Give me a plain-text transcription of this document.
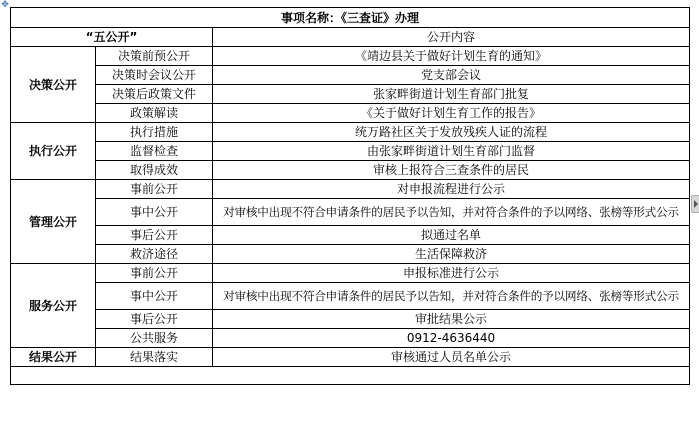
✥
事项名称：《三查证》办理		
“五公开”		公开内容
决策公开	决策前预公开	《靖边县关于做好计划生育的通知》
	决策时会议公开	党支部会议
	决策后政策文件	张家畔街道计划生育部门批复
	政策解读	《关于做好计划生育工作的报告》
执行公开	执行措施	统万路社区关于发放残疾人证的流程
	监督检查	由张家畔街道计划生育部门监督
	取得成效	审核上报符合三查条件的居民
管理公开	事前公开	对申报流程进行公示
	事中公开	对审核中出现不符合申请条件的居民予以告知，并对符合条件的予以网络、张榜等形式公示
	事后公开	拟通过名单
	救济途径	生活保障救济
服务公开	事前公开	申报标准进行公示
	事中公开	对审核中出现不符合申请条件的居民予以告知，并对符合条件的予以网络、张榜等形式公示
	事后公开	审批结果公示
	公共服务	0912-4636440
结果公开	结果落实	审核通过人员名单公示
